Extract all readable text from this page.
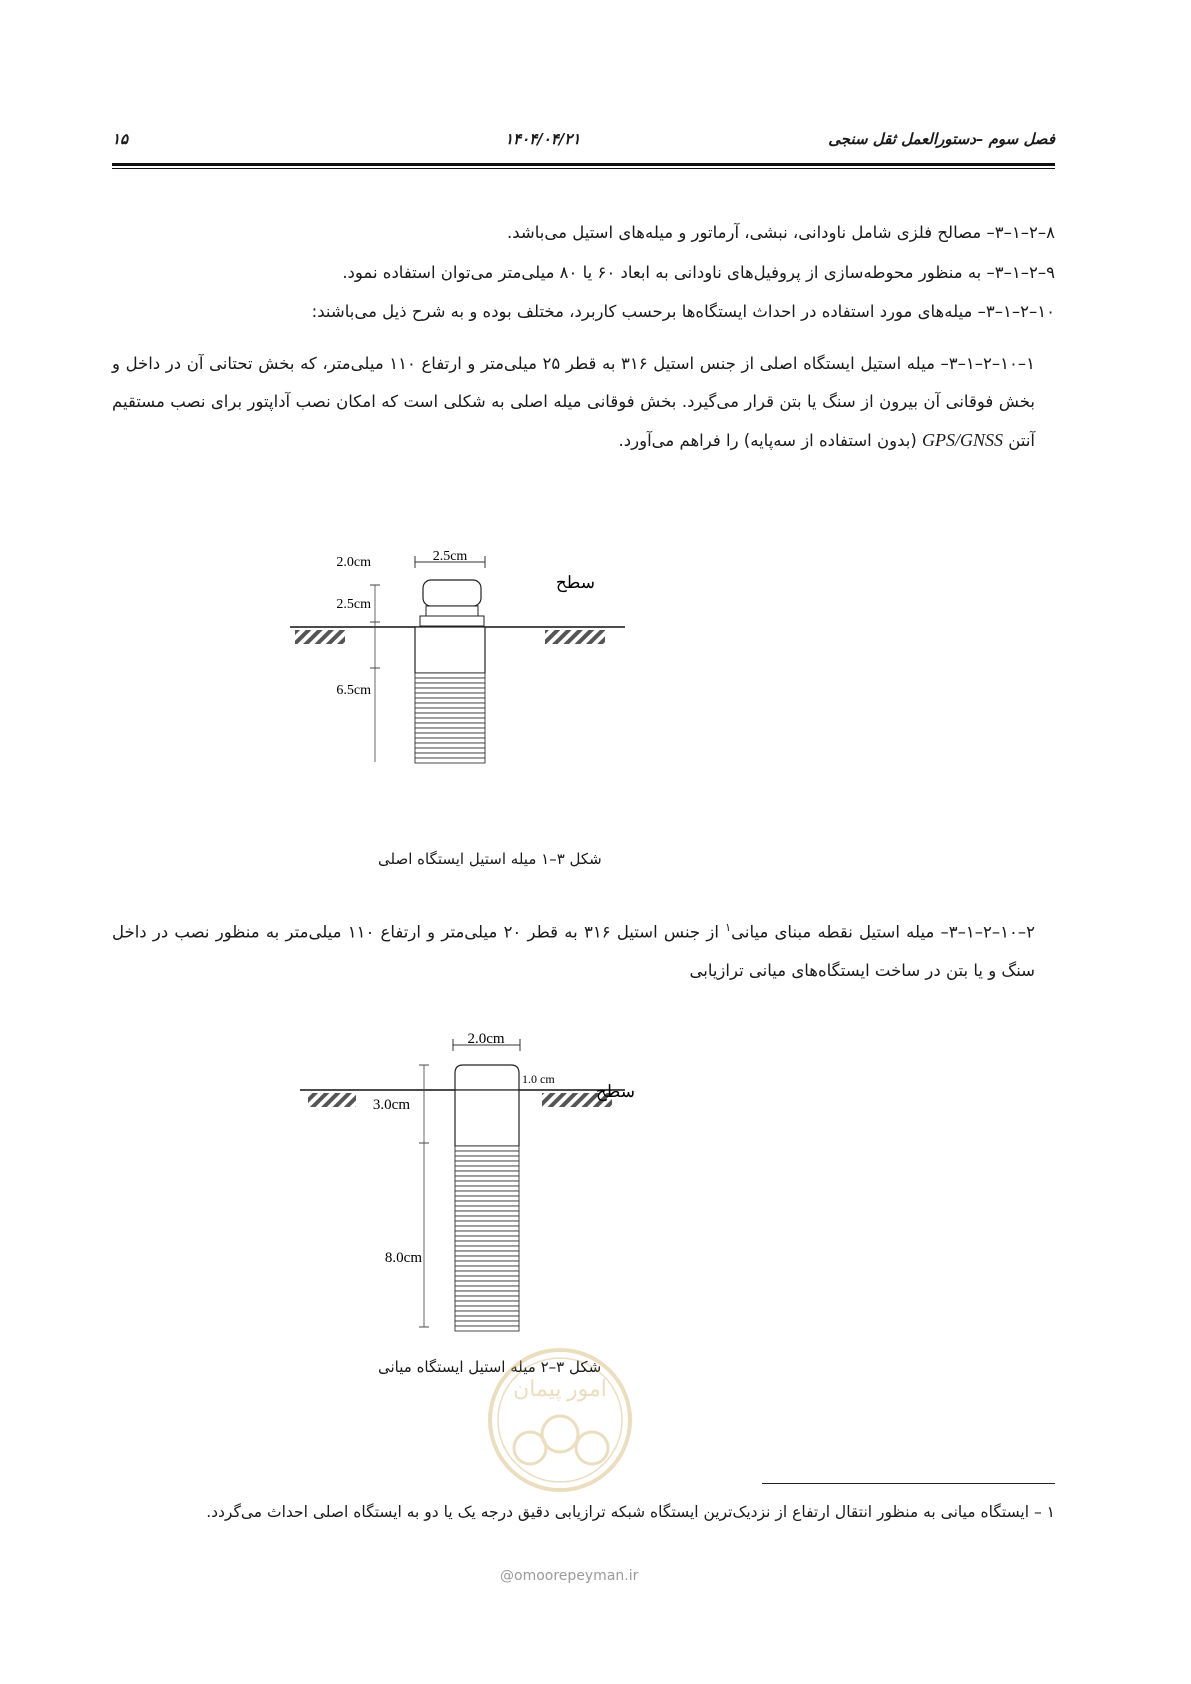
۱۵	۱۴۰۴/۰۴/۲۱	فصل سوم –دستورالعمل ثقل سنجی
۸–۲–۱–۳– مصالح فلزی شامل ناودانی، نبشی، آرماتور و میله‌های استیل می‌باشد.
۹–۲–۱–۳– به منظور محوطه‌سازی از پروفیل‌های ناودانی به ابعاد ۶۰ یا ۸۰ میلی‌متر می‌توان استفاده نمود.
۱۰–۲–۱–۳– میله‌های مورد استفاده در احداث ایستگاه‌ها برحسب کاربرد، مختلف بوده و به شرح ذیل می‌باشند:
۱–۱۰–۲–۱–۳– میله استیل ایستگاه اصلی از جنس استیل ۳۱۶ به قطر ۲۵ میلی‌متر و ارتفاع ۱۱۰ میلی‌متر، که بخش تحتانی آن در داخل و بخش فوقانی آن بیرون از سنگ یا بتن قرار می‌گیرد. بخش فوقانی میله اصلی به شکلی است که امکان نصب آداپتور برای نصب مستقیم آنتن GPS/GNSS (بدون استفاده از سه‌پایه) را فراهم می‌آورد.
2.5cm
2.0cm
2.5cm
6.5cm
سطح
شکل ۳–۱ میله استیل ایستگاه اصلی
۲–۱۰–۲–۱–۳– میله استیل نقطه مبنای میانی$^۱$ از جنس استیل ۳۱۶ به قطر ۲۰ میلی‌متر و ارتفاع ۱۱۰ میلی‌متر به منظور نصب در داخل سنگ و یا بتن در ساخت ایستگاه‌های میانی ترازیابی
2.0cm
1.0 cm
3.0cm
8.0cm
سطح
شکل ۳–۲ میله استیل ایستگاه میانی
امور پیمان
۱ – ایستگاه میانی به منظور انتقال ارتفاع از نزدیک‌ترین ایستگاه شبکه ترازیابی دقیق درجه یک یا دو به ایستگاه اصلی احداث می‌گردد.
@omoorepeyman.ir
